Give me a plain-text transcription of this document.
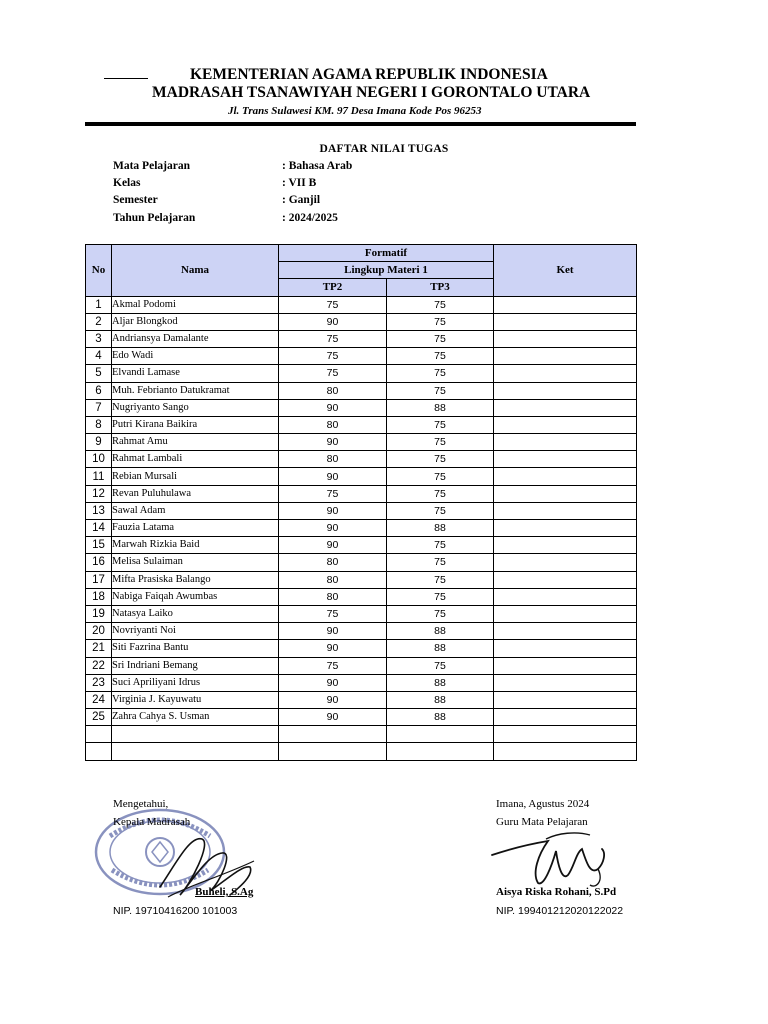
KEMENTERIAN AGAMA REPUBLIK INDONESIA
MADRASAH TSANAWIYAH NEGERI I GORONTALO UTARA
Jl. Trans Sulawesi KM. 97 Desa Imana Kode Pos 96253
DAFTAR NILAI TUGAS
Mata Pelajaran	: Bahasa Arab
Kelas	: VII B
Semester	: Ganjil
Tahun Pelajaran	: 2024/2025
No	Nama	Formatif		Ket
		Lingkup Materi 1		
		TP2	TP3	
1	Akmal Podomi	75	75	
2	Aljar Blongkod	90	75	
3	Andriansya Damalante	75	75	
4	Edo Wadi	75	75	
5	Elvandi Lamase	75	75	
6	Muh. Febrianto Datukramat	80	75	
7	Nugriyanto Sango	90	88	
8	Putri Kirana Baikira	80	75	
9	Rahmat Amu	90	75	
10	Rahmat Lambali	80	75	
11	Rebian Mursali	90	75	
12	Revan Puluhulawa	75	75	
13	Sawal Adam	90	75	
14	Fauzia Latama	90	88	
15	Marwah Rizkia Baid	90	75	
16	Melisa Sulaiman	80	75	
17	Mifta Prasiska Balango	80	75	
18	Nabiga Faiqah Awumbas	80	75	
19	Natasya Laiko	75	75	
20	Novriyanti Noi	90	88	
21	Siti Fazrina Bantu	90	88	
22	Sri Indriani Bemang	75	75	
23	Suci Apriliyani Idrus	90	88	
24	Virginia J. Kayuwatu	90	88	
25	Zahra Cahya S. Usman	90	88	

Mengetahui,
Kepala Madrasah
Buheli, S.Ag
NIP. 19710416200 101003
Imana, Agustus 2024
Guru Mata Pelajaran
Aisya Riska Rohani, S.Pd
NIP. 199401212020122022
